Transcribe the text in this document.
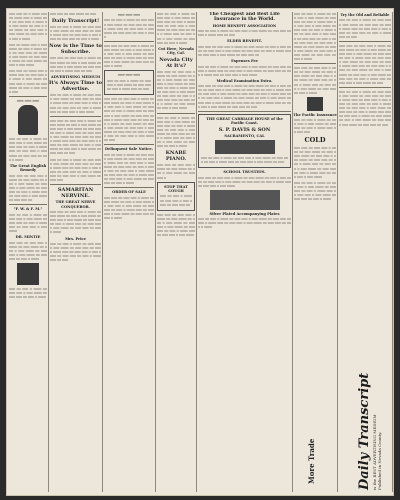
═══ ═══ ══ ═ ════ ═══ ══ ════ ═══ ═ ════ ═══ ══ ═══ ═══ ═ ════ ══ ═══ ════ ══ ═══ ═ ═══ ════ ══ ═══ ═══ ═ ═══ ════ ══ ═══ ═══ ══ ═══ ═ ════
═══ ══ ════ ═══ ═ ═══ ════ ══ ═══ ═ ════ ═══ ══ ═══ ═══ ══ ════ ═ ═══ ════ ══ ═══ ═══ ═ ════ ══ ═══ ════ ══ ═══ ═ ═══ ════
═══ ═══ ══ ════ ═══ ═ ════ ═══ ══ ═══ ═══ ══ ════ ═ ═══ ════ ══ ═══ ═══ ═ ════ ══ ═══ ════ ══ ═══ ═ ═══ ════ ═══
═══ ═══ ═══
═══ ══ ═══ ═ ════ ══ ═══ ═══ ═ ═══ ════ ══ ═══ ═══ ══ ═══ ═ ════ ═══ ══ ═══ ═══ ═ ═══ ════ ══ ═══ ═══ ══ ═══ ═ ════
The Great English Remedy
═══ ═══ ══ ═══ ═══ ═ ════ ══ ═══ ════ ══ ═══ ═ ═══ ════ ══ ═══ ═══ ═ ═══ ════ ══ ═══ ═══ ══ ═══ ═ ════ ═══ ══ ═══ ═══ ═ ═══ ════ ══ ═══ ═══ ══
"F. W. & F. M."
═══ ══ ═══ ═ ════ ══ ═══ ═══ ═ ═══ ════ ══ ═══ ═══ ══ ═══ ═ ════ ═══ ══ ═══ ═══ ═ ═══ ════
DR. MINTIE
═══ ═══ ══ ═══ ═══ ═ ════ ══ ═══ ════ ══ ═══ ═ ═══ ════ ══ ═══ ═══ ═ ═══ ════ ══ ═══ ═══ ══ ═══ ═ ════
═══ ══ ═══ ═ ════ ══ ═══ ═══ ═ ═══ ════ ══ ═══ ═══ ══ ═══ ═ ════
═══ ═══ ══ ═══ ════ ══ ═══
Daily Transcript!
═══ ══ ═══ ═ ════ ══ ═══ ═══ ═ ═══ ════ ══ ═══ ═══ ══ ═══ ═ ════ ═══ ══ ═══ ═══ ═ ═══ ════ ══ ═══ ═══ ══ ═══ ═ ════
Now is the Time to Subscribe.
═══ ═══ ══ ═══ ═══ ═ ════ ══ ═══ ════ ══ ═══ ═ ═══ ════ ══ ═══ ═══ ═ ═══ ════ ══ ═══ ═══ ══ ═══ ═ ════ ═══ ══ ═══
ADVERTISING MEDIUM
It's Always Time to Advertise.
═══ ══ ═══ ═ ════ ══ ═══ ═══ ═ ═══ ════ ══ ═══ ═══ ══ ═══ ═ ════ ═══ ══ ═══ ═══ ═ ═══ ════ ══ ═══ ═══ ══ ═══ ═ ════ ═══ ══ ═══ ═══ ═ ═══ ════
═══ ═══ ══ ═══ ═══ ═ ════ ══ ═══ ════ ══ ═══ ═ ═══ ════ ══ ═══ ═══ ═ ═══ ════ ══ ═══ ═══ ══ ═══ ═ ════ ═══ ══ ═══ ═══ ═ ═══ ════ ══ ═══ ═══ ══ ═══ ═ ════ ═══ ═══ ══ ═══ ═══ ═ ════ ══ ═══ ════ ══ ═══ ═ ═══ ════ ══ ═══ ═══ ═ ═══ ════ ══ ═══ ═══ ══ ═══
═══ ══ ═══ ═ ════ ══ ═══ ═══ ═ ═══ ════ ══ ═══ ═══ ══ ═══ ═ ════ ═══ ══ ═══ ═══ ═ ═══ ════ ══ ═══ ═══ ══ ═══ ═ ════ ═══ ══ ═══ ═══ ═ ═══ ════ ══ ═══ ═══
SAMARITAN NERVINE.
THE GREAT NERVE CONQUEROR.
═══ ═══ ══ ═══ ═══ ═ ════ ══ ═══ ════ ══ ═══ ═ ═══ ════ ══ ═══ ═══ ═ ═══ ════ ══ ═══ ═══ ══ ═══ ═ ════ ═══ ══ ═══ ═══ ═ ═══ ════ ══ ═══ ═══ ══ ═══ ═ ════
Mrs. Price
═══ ══ ═══ ═ ════ ══ ═══ ═══ ═ ═══ ════ ══ ═══ ═══ ══ ═══ ═ ════ ═══ ══ ═══ ═══ ═ ═══ ════ ══ ═══ ═══ ══ ═══ ═ ════ ═══ ══ ═══
═══ ═══ ═══
═══ ══ ═══ ═ ════ ══ ═══ ═══ ═ ═══ ════ ══ ═══ ═══ ══ ═══ ═ ════ ═══ ══ ═══ ═══ ═ ═══ ════ ══ ═══ ═══ ══ ═══ ═ ════
═══ ═══ ══ ═══ ═══ ═ ════ ══ ═══ ════ ══ ═══ ═ ═══ ════ ══ ═══ ═══ ═ ═══ ════ ══ ═══ ═══ ══ ═══ ═ ════ ═══ ══ ═══ ═══ ═ ═══ ════ ══ ═══ ═══ ══ ═══ ═ ════
═══ ═══ ═══
═══ ══ ═══ ═ ════ ══ ═══ ═══ ═ ═══ ════ ══ ═══ ═══ ══ ═══ ═ ════ ═══ ══ ═══
═══ ═══ ══ ═══ ═══ ═ ════ ══ ═══ ════ ══ ═══ ═ ═══ ════ ══ ═══ ═══ ═ ═══ ════ ══ ═══ ═══ ══ ═══ ═ ════ ═══ ══ ═══ ═══ ═ ═══ ════ ══ ═══ ═══ ══ ═══ ═ ════ ═══ ═══ ══ ═══ ═══ ═ ════ ══ ═══ ════ ══ ═══ ═ ═══ ════ ══ ═══ ═══ ═ ═══ ════ ══ ═══ ═══ ══ ═══ ═ ════ ═══ ══ ═══ ═══ ═ ═══ ════ ══ ═══
Delinquent Sale Notice.
═══ ══ ═══ ═ ════ ══ ═══ ═══ ═ ═══ ════ ══ ═══ ═══ ══ ═══ ═ ════ ═══ ══ ═══ ═══ ═ ═══ ════ ══ ═══ ═══ ══ ═══ ═ ════ ═══ ══ ═══ ═══ ═ ═══ ════ ══ ═══ ═══ ══ ═══ ═ ════ ═══ ══ ═══ ═══ ═ ═══ ════ ══ ═══ ═══ ══ ═══ ═ ════
ORDER OF SALE
═══ ═══ ══ ═══ ═══ ═ ════ ══ ═══ ════ ══ ═══ ═ ═══ ════ ══ ═══ ═══ ═ ═══ ════ ══ ═══ ═══ ══ ═══ ═ ════ ═══ ══ ═══ ═══ ═ ═══ ════ ══ ═══ ═══ ══ ═══ ═ ════
═══ ══ ═══ ═ ════ ══ ═══ ═══ ═ ═══ ════ ══ ═══ ═══ ══ ═══ ═ ════ ═══ ══ ═══ ═══ ═ ═══ ════ ══ ═══ ═══ ══ ═══ ═ ════ ═══ ══ ═══ ═══ ═ ═══ ════ ══ ═══ ═══ ══ ═══ ═ ════
Cut Here, Nevada City, Cal.
Nevada City At It's?
═══ ═══ ══ ═══ ═══ ═ ════ ══ ═══ ════ ══ ═══ ═ ═══ ════ ══ ═══ ═══ ═ ═══ ════ ══ ═══ ═══ ══ ═══ ═ ════ ═══ ══ ═══ ═══ ═ ═══ ════ ══ ═══ ═══ ══ ═══ ═ ════ ═══ ═══ ══ ═══ ═══ ═ ════ ══ ═══ ════ ══ ═══ ═ ═══ ════
═══ ══ ═══ ═ ════ ══ ═══ ═══ ═ ═══ ════ ══ ═══ ═══ ══ ═══ ═ ════ ═══ ══ ═══ ═══ ═ ═══ ════ ══ ═══ ═══ ══ ═══ ═ ════ ═══ ══ ═══ ═══ ═ ═══ ════ ══ ═══ ═══ ══ ═══ ═ ════
KNABE PIANO.
═══ ═══ ══ ═══ ═══ ═ ════ ══ ═══ ════ ══ ═══ ═ ═══ ════ ══ ═══ ═══ ═
STOP THAT COUGH
═══ ══ ═══ ═ ════ ══ ═══ ═══ ═ ═══ ════ ══ ═══ ═══ ══
═══ ═══ ══ ═══ ═══ ═ ════ ══ ═══ ════ ══ ═══ ═ ═══ ════ ══ ═══ ═══ ═ ═══ ════ ══ ═══ ═══ ══ ═══ ═ ════ ═══ ══ ═══ ═══ ═ ═══ ════
The Cheapest and Best Life Insurance in the World.
HOME BENEFIT ASSOCIATION
═══ ══ ═══ ═ ════ ══ ═══ ═══ ═ ═══ ════ ══ ═══ ═══ ══ ═══ ═ ════ ═══ ══ ═══
ELDER BENEFIT.
═══ ═══ ══ ═══ ═══ ═ ════ ══ ═══ ════ ══ ═══ ═ ═══ ════ ══ ═══ ═══ ═ ═══ ════ ══ ═══ ═══ ══ ═══ ═ ════ ═══ ══ ═══ ═══ ═ ═══ ════ ══ ═══ ═══ ══
Expenses Fee
═══ ══ ═══ ═ ════ ══ ═══ ═══ ═ ═══ ════ ══ ═══ ═══ ══ ═══ ═ ════ ═══ ══ ═══ ═══ ═ ═══ ════ ══ ═══ ═══ ══ ═══ ═ ════ ═══ ══ ═══ ═══ ═ ═══ ════
Medical Examination Extra.
═══ ═══ ══ ═══ ═══ ═ ════ ══ ═══ ════ ══ ═══ ═ ═══ ════ ══ ═══ ═══ ═ ═══ ════ ══ ═══ ═══ ══ ═══ ═ ════ ═══ ══ ═══ ═══ ═ ═══ ════ ══ ═══ ═══ ══ ═══ ═ ════ ═══ ═══ ══ ═══ ═══ ═ ════ ══ ═══ ════ ══ ═══ ═ ═══ ════ ══ ═══ ═══ ═ ═══ ════ ══ ═══ ═══ ══ ═══ ═ ════ ═══ ══ ═══ ═══ ═ ═══ ════ ══ ═══ ═══ ══ ═══
THE GREAT CARRIAGE HOUSE of the Pacific Coast.
S. P. DAVIS & SON
SACRAMENTO, CAL
═══ ══ ═══ ═ ════ ══ ═══ ═══ ═ ═══ ════ ══ ═══ ═══ ══ ═══ ═ ════ ═══ ══ ═══ ═══ ═ ═══ ════ ══ ═══
SCHOOL TRUSTEES.
═══ ═══ ══ ═══ ═══ ═ ════ ══ ═══ ════ ══ ═══ ═ ═══ ════ ══ ═══ ═══ ═ ═══ ════ ══ ═══ ═══ ══ ═══ ═ ════ ═══ ══ ═══ ═══ ═ ═══ ════
Silver Plated Accompanying Plates
═══ ══ ═══ ═ ════ ══ ═══ ═══ ═ ═══ ════ ══ ═══ ═══ ══ ═══ ═ ════ ═══ ══ ═══ ═══ ═ ═══ ════ ══ ═══ ═══ ══ ═══ ═ ════
═══ ══ ═══ ═ ════ ══ ═══ ═══ ═ ═══ ════ ══ ═══ ═══ ══ ═══ ═ ════ ═══ ══ ═══ ═══ ═ ═══ ════ ══ ═══ ═══ ══ ═══ ═ ════ ═══ ══ ═══ ═══ ═ ═══ ════ ══ ═══ ═══ ══ ═══ ═ ════ ═══ ═══ ══ ═══ ═══ ═ ════ ══ ═══ ════ ══ ═══ ═ ═══ ════ ══ ═══ ═══ ═ ═══ ════ ══ ═══ ═══ ══ ═══ ═ ════
═══ ═══ ══ ═══ ═══ ═ ════ ══ ═══ ════ ══ ═══ ═ ═══ ════ ══ ═══ ═══ ═ ═══ ════ ══ ═══ ═══ ══ ═══ ═ ════ ═══ ══ ═══ ═══ ═ ═══ ════ ══ ═══ ═══ ══ ═══ ═ ════
The Pacific Insurance
═══ ══ ═══ ═ ════ ══ ═══ ═══ ═ ═══ ════ ══ ═══ ═══ ══ ═══ ═ ════ ═══ ══ ═══ ═══
COLD
═══ ═══ ══ ═══ ═══ ═ ════ ══ ═══ ════ ══ ═══ ═ ═══ ════ ══ ═══ ═══ ═ ═══ ════ ══ ═══ ═══ ══ ═══ ═ ════ ═══ ══ ═══ ═══ ═ ═══ ════ ══ ═══ ═══ ══ ═══ ═ ════ ═══ ══ ═══ ═══ ═ ═══ ════
═══ ══ ═══ ═ ════ ══ ═══ ═══ ═ ═══ ════ ══ ═══ ═══ ══ ═══ ═ ════ ═══ ══ ═══ ═══ ═ ═══ ════ ══ ═══ ═══ ══ ═══ ═ ════
Try the Old and Reliable
═══ ══ ═══ ═ ════ ══ ═══ ═══ ═ ═══ ════ ══ ═══ ═══ ══ ═══ ═ ════ ═══ ══ ═══ ═══ ═ ═══ ════ ══ ═══ ═══ ══ ═══ ═ ════ ═══ ══ ═══
═══ ═══ ══ ═══ ═══ ═ ════ ══ ═══ ════ ══ ═══ ═ ═══ ════ ══ ═══ ═══ ═ ═══ ════ ══ ═══ ═══ ══ ═══ ═ ════ ═══ ══ ═══ ═══ ═ ═══ ════ ══ ═══ ═══ ══ ═══ ═ ════ ═══ ═══ ══ ═══ ═══ ═ ════ ══ ═══ ════ ══ ═══ ═ ═══ ════ ══ ═══ ═══ ═ ═══ ════ ══ ═══ ═══ ══ ═══ ═ ════ ═══ ══ ═══ ═══ ═ ═══ ════ ══ ═══
═══ ══ ═══ ═ ════ ══ ═══ ═══ ═ ═══ ════ ══ ═══ ═══ ══ ═══ ═ ════ ═══ ══ ═══ ═══ ═ ═══ ════ ══ ═══ ═══ ══ ═══ ═ ════ ═══ ══ ═══ ═══ ═ ═══ ════ ══ ═══ ═══ ══ ═══ ═ ════ ═══ ═══ ══ ═══ ═══ ═ ════ ══ ═══ ════ ══ ═══ ═ ═══ ════ ══ ═══ ═══ ═ ═══ ════ ══ ═══ ═══ ══ ═══
Daily Transcript is the BEST ADVERTISING MEDIUM Published in Nevada County.
More Trade
